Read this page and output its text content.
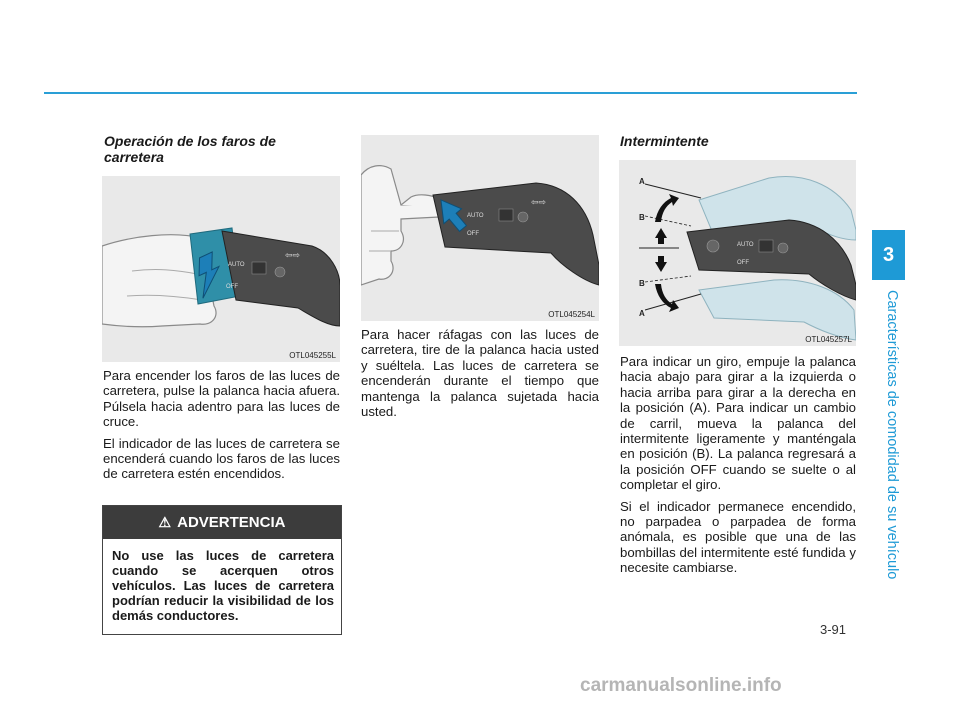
Operación de los faros de carretera
AUTO
OFF
⇦⇨
OTL045255L

Para encender los faros de las luces de carretera, pulse la palanca hacia afuera. Púlsela hacia adentro para las luces de cruce.

El indicador de las luces de carretera se encenderá cuando los faros de las luces de carretera estén encendidos.

⚠ ADVERTENCIA
No use las luces de carretera cuando se acerquen otros vehículos. Las luces de carretera podrían reducir la visibilidad de los demás conductores.
AUTO
OFF
⇦⇨
OTL045254L

Para hacer ráfagas con las luces de carretera, tire de la palanca hacia usted y suéltela. Las luces de carretera se encenderán durante el tiempo que mantenga la palanca sujetada hacia usted.

Intermintente
AUTO
OFF
A
B
B
A
OTL045257L

Para indicar un giro, empuje la palanca hacia abajo para girar a la izquierda o hacia arriba para girar a la derecha en la posición (A). Para indicar un cambio de carril, mueva la palanca del intermitente ligeramente y manténgala en posición (B). La palanca regresará a la posición OFF cuando se suelte o al completar el giro.

Si el indicador permanece encendido, no parpadea o parpadea de forma anómala, es posible que una de las bombillas del intermitente esté fundida y necesite cambiarse.

3
Características de comodidad de su vehículo
3-91
carmanualsonline.info
